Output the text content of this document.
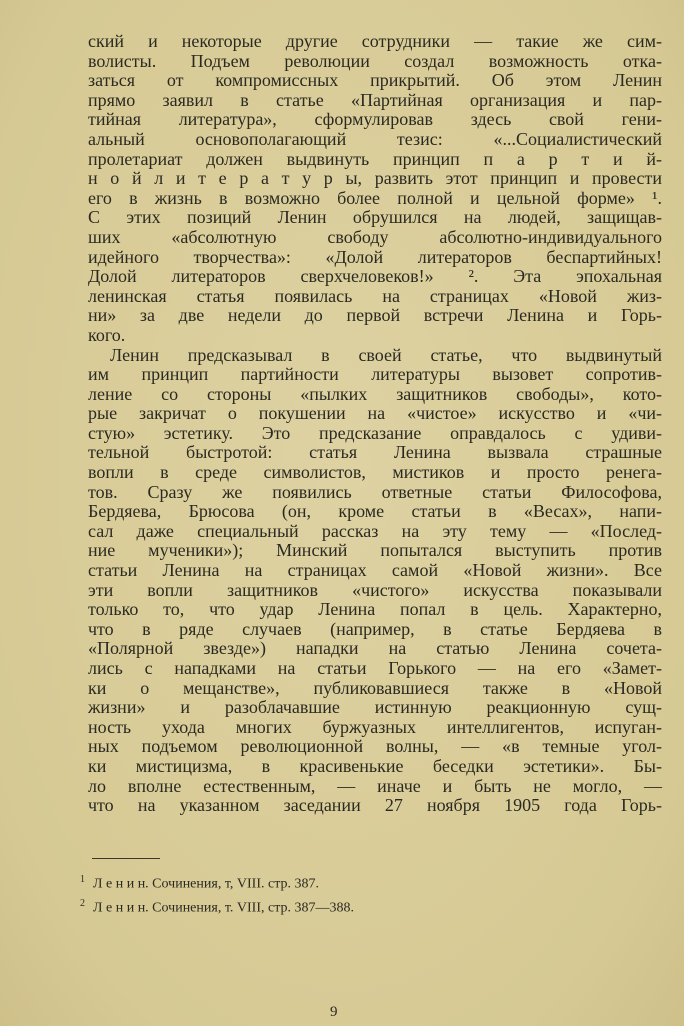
ский и некоторые другие сотрудники — такие же сим-
волисты. Подъем революции создал возможность отка-
заться от компромиссных прикрытий. Об этом Ленин
прямо заявил в статье «Партийная организация и пар-
тийная литература», сформулировав здесь свой гени-
альный основополагающий тезис: «...Социалистический
пролетариат должен выдвинуть принцип п а р т и й-
н о й л и т е р а т у р ы, развить этот принцип и провести
его в жизнь в возможно более полной и цельной форме» ¹.
С этих позиций Ленин обрушился на людей, защищав-
ших «абсолютную свободу абсолютно-индивидуального
идейного творчества»: «Долой литераторов беспартийных!
Долой литераторов сверхчеловеков!» ². Эта эпохальная
ленинская статья появилась на страницах «Новой жиз-
ни» за две недели до первой встречи Ленина и Горь-
кого.
Ленин предсказывал в своей статье, что выдвинутый
им принцип партийности литературы вызовет сопротив-
ление со стороны «пылких защитников свободы», кото-
рые закричат о покушении на «чистое» искусство и «чи-
стую» эстетику. Это предсказание оправдалось с удиви-
тельной быстротой: статья Ленина вызвала страшные
вопли в среде символистов, мистиков и просто ренега-
тов. Сразу же появились ответные статьи Философова,
Бердяева, Брюсова (он, кроме статьи в «Весах», напи-
сал даже специальный рассказ на эту тему — «Послед-
ние мученики»); Минский попытался выступить против
статьи Ленина на страницах самой «Новой жизни». Все
эти вопли защитников «чистого» искусства показывали
только то, что удар Ленина попал в цель. Характерно,
что в ряде случаев (например, в статье Бердяева в
«Полярной звезде») нападки на статью Ленина сочета-
лись с нападками на статьи Горького — на его «Замет-
ки о мещанстве», публиковавшиеся также в «Новой
жизни» и разоблачавшие истинную реакционную сущ-
ность ухода многих буржуазных интеллигентов, испуган-
ных подъемом революционной волны, — «в темные угол-
ки мистицизма, в красивенькие беседки эстетики». Бы-
ло вполне естественным, — иначе и быть не могло, —
что на указанном заседании 27 ноября 1905 года Горь-
$^1$ Л е н и н. Сочинения, т, VIII. стр. 387.
$^2$ Л е н и н. Сочинения, т. VIII, стр. 387—388.
9
